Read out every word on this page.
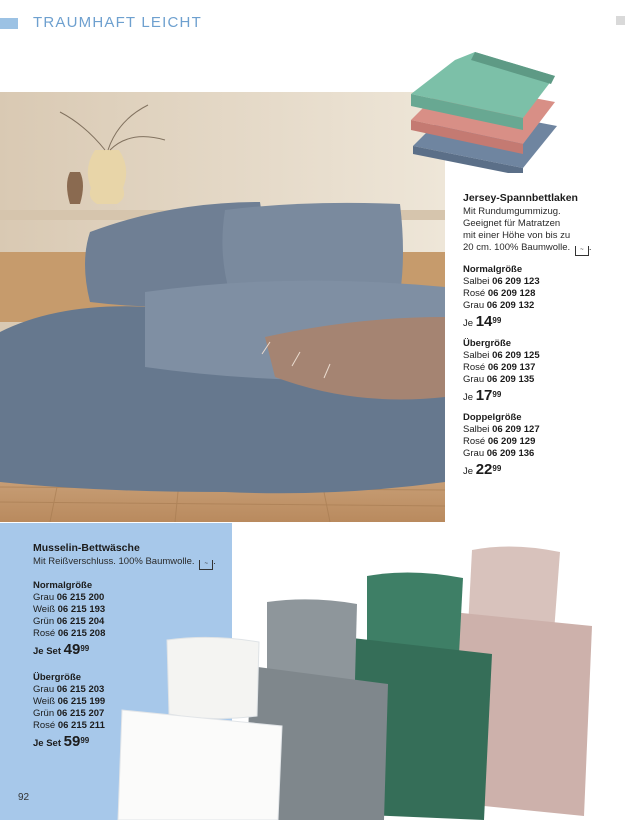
TRAUMHAFT LEICHT
Jersey-Spannbettlaken
Mit Rundumgummizug.
Geeignet für Matratzen
mit einer Höhe von bis zu
20 cm. 100% Baumwolle. ~ .
Normalgröße
Salbei 06 209 123
Rosé 06 209 128
Grau 06 209 132
Je $14^{99}$
Übergröße
Salbei 06 209 125
Rosé 06 209 137
Grau 06 209 135
Je $17^{99}$
Doppelgröße
Salbei 06 209 127
Rosé 06 209 129
Grau 06 209 136
Je $22^{99}$
Musselin-Bettwäsche
Mit Reißverschluss. 100% Baumwolle. ~ .
Normalgröße
Grau 06 215 200
Weiß 06 215 193
Grün 06 215 204
Rosé 06 215 208
Je Set $49^{99}$
Übergröße
Grau 06 215 203
Weiß 06 215 199
Grün 06 215 207
Rosé 06 215 211
Je Set $59^{99}$
92
